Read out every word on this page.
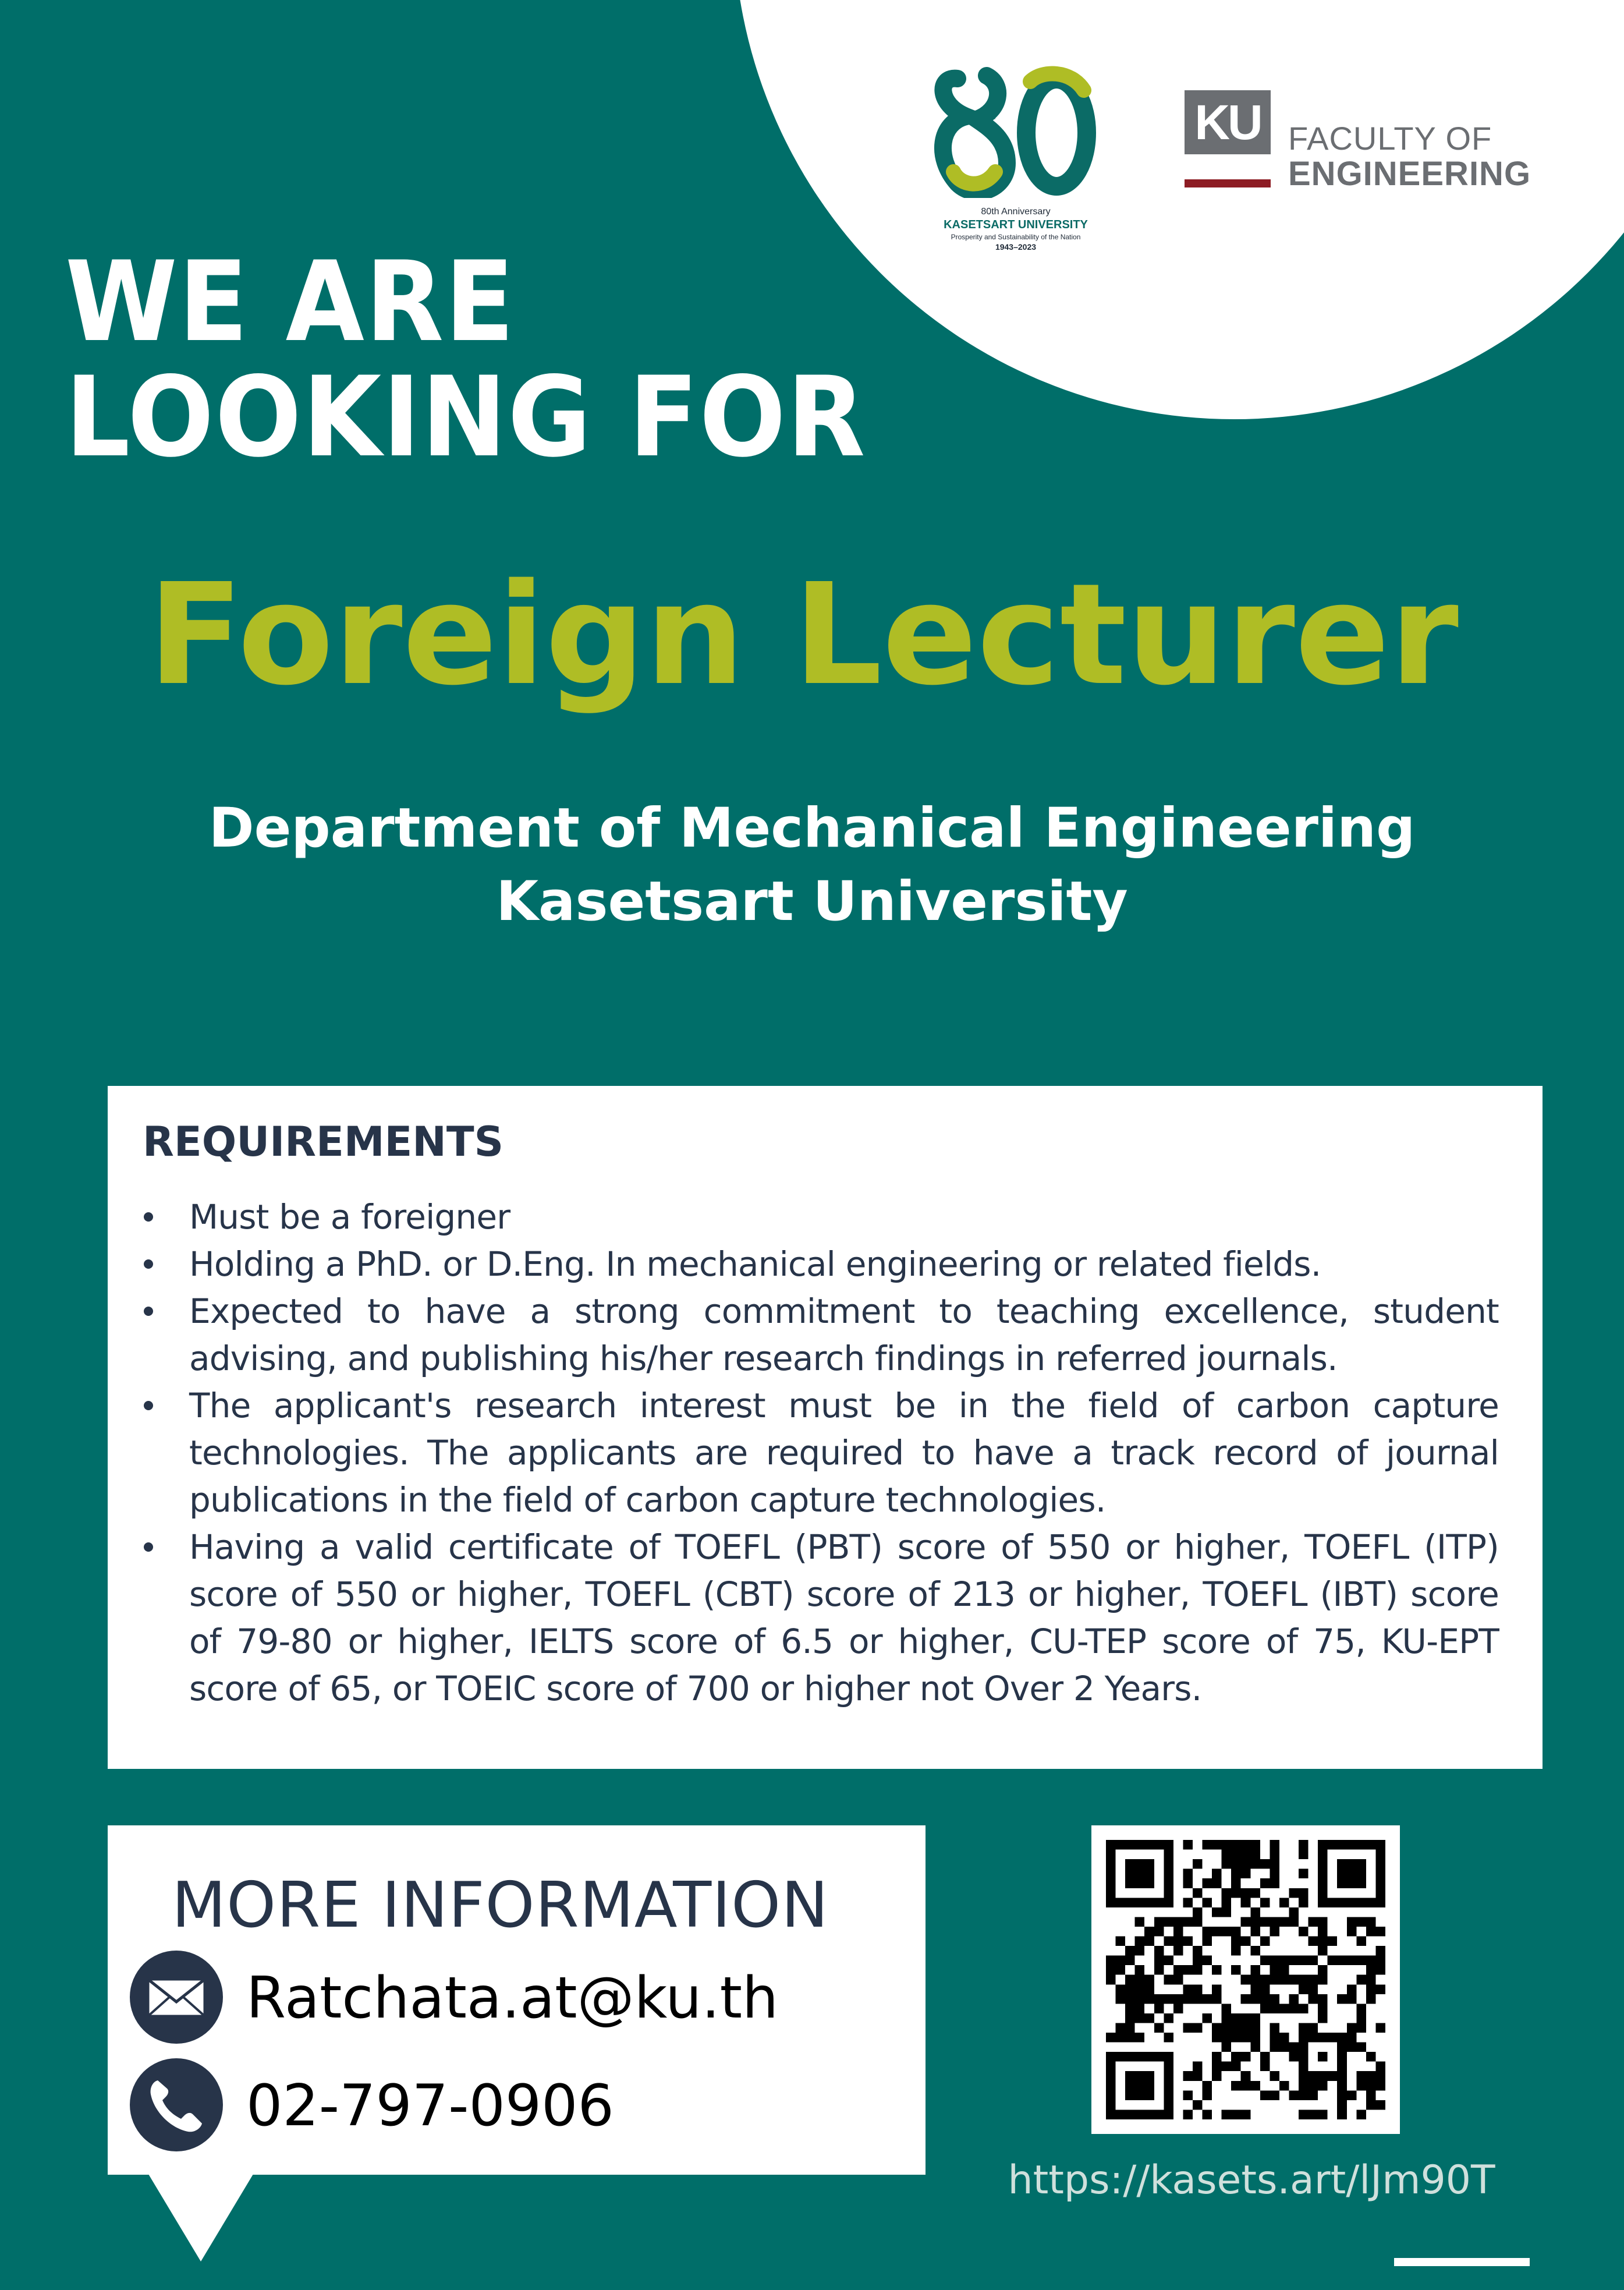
80th Anniversary
KASETSART UNIVERSITY
Prosperity and Sustainability of the Nation
1943–2023
KU FACULTY OF
ENGINEERING
WE ARE
LOOKING FOR
Foreign Lecturer
Department of Mechanical Engineering
Kasetsart University
REQUIREMENTS
Must be a foreigner
Holding a PhD. or D.Eng. In mechanical engineering or related fields.
Expected to have a strong commitment to teaching excellence, student advising, and publishing his/her research findings in referred journals.
The applicant's research interest must be in the field of carbon capture technologies. The applicants are required to have a track record of journal publications in the field of carbon capture technologies.
Having a valid certificate of TOEFL (PBT) score of 550 or higher, TOEFL (ITP) score of 550 or higher, TOEFL (CBT) score of 213 or higher, TOEFL (IBT) score of 79-80 or higher, IELTS score of 6.5 or higher, CU-TEP score of 75, KU-EPT score of 65, or TOEIC score of 700 or higher not Over 2 Years.
MORE INFORMATION
Ratchata.at@ku.th
02-797-0906
https://kasets.art/lJm90T
